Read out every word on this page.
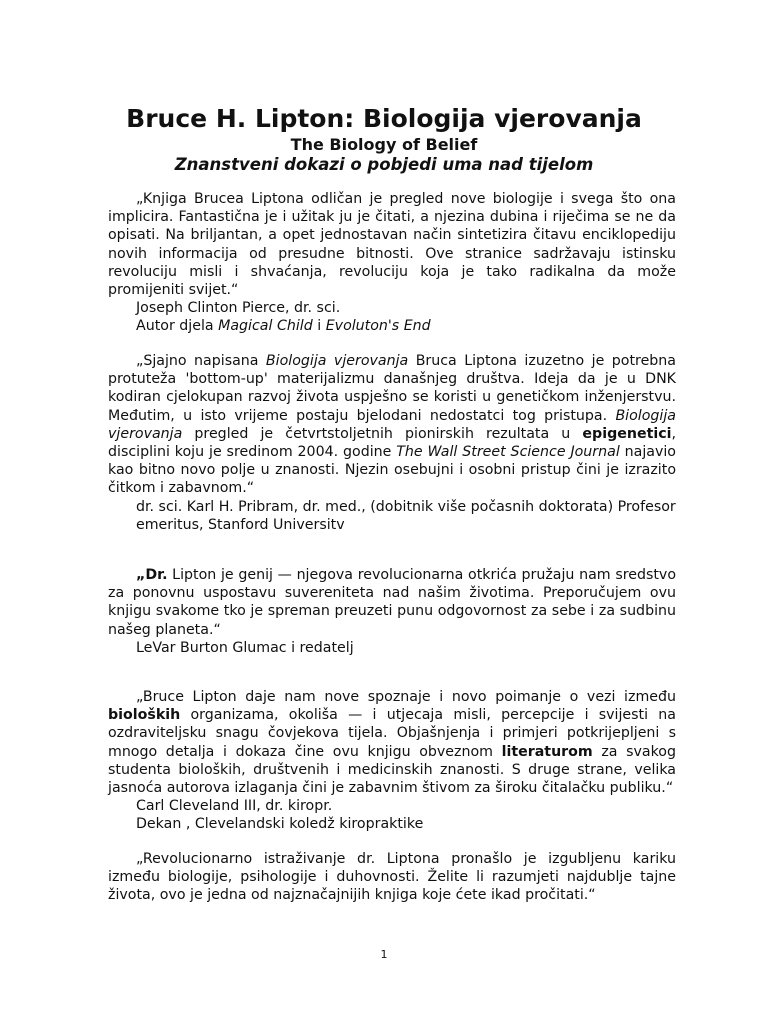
Bruce H. Lipton: Biologija vjerovanja
The Biology of Belief
Znanstveni dokazi o pobjedi uma nad tijelom

„Knjiga Brucea Liptona odličan je pregled nove biologije i svega što ona implicira. Fantastična je i užitak ju je čitati, a njezina dubina i riječima se ne da opisati. Na briljantan, a opet jednostavan način sintetizira čitavu enciklopediju novih informacija od presudne bitnosti. Ove stranice sadržavaju istinsku revoluciju misli i shvaćanja, revoluciju koja je tako radikalna da može promijeniti svijet.“

Joseph Clinton Pierce, dr. sci.

Autor djela Magical Child i Evoluton's End

„Sjajno napisana Biologija vjerovanja Bruca Liptona izuzetno je potrebna protuteža 'bottom-up' materijalizmu današnjeg društva. Ideja da je u DNK kodiran cjelokupan razvoj života uspješno se koristi u genetičkom inženjerstvu. Međutim, u isto vrijeme postaju bjelodani nedostatci tog pristupa. Biologija vjerovanja pregled je četvrtstoljetnih pionirskih rezultata u epigenetici, disciplini koju je sredinom 2004. godine The Wall Street Science Journal najavio kao bitno novo polje u znanosti. Njezin osebujni i osobni pristup čini je izrazito čitkom i zabavnom.“

dr. sci. Karl H. Pribram, dr. med., (dobitnik više počasnih doktorata) Profesor emeritus, Stanford Universitv

„Dr. Lipton je genij — njegova revolucionarna otkrića pružaju nam sredstvo za ponovnu uspostavu suvereniteta nad našim životima. Preporučujem ovu knjigu svakome tko je spreman preuzeti punu odgovornost za sebe i za sudbinu našeg planeta.“

LeVar Burton Glumac i redatelj

„Bruce Lipton daje nam nove spoznaje i novo poimanje o vezi između bioloških organizama, okoliša — i utjecaja misli, percepcije i svijesti na ozdraviteljsku snagu čovjekova tijela. Objašnjenja i primjeri potkrijepljeni s mnogo detalja i dokaza čine ovu knjigu obveznom literaturom za svakog studenta bioloških, društvenih i medicinskih znanosti. S druge strane, velika jasnoća autorova izlaganja čini je zabavnim štivom za široku čitalačku publiku.“

Carl Cleveland III, dr. kiropr.

Dekan , Clevelandski koledž kiropraktike

„Revolucionarno istraživanje dr. Liptona pronašlo je izgubljenu kariku između biologije, psihologije i duhovnosti. Želite li razumjeti najdublje tajne života, ovo je jedna od najznačajnijih knjiga koje ćete ikad pročitati.“

1
